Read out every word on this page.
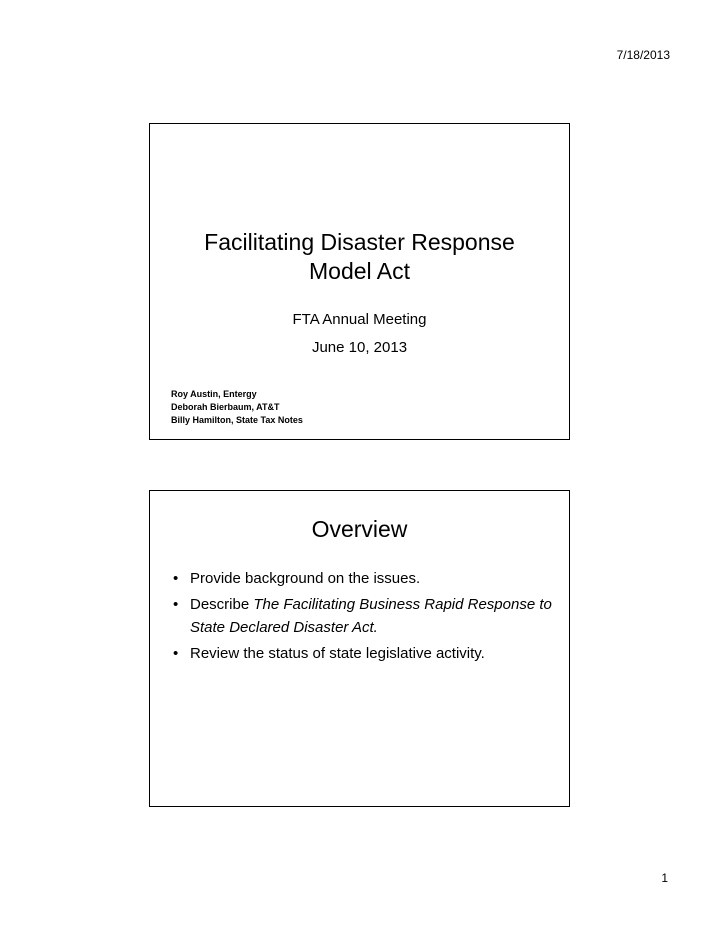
7/18/2013
Facilitating Disaster Response
Model Act
FTA Annual Meeting
June 10, 2013
Roy Austin, Entergy
Deborah Bierbaum, AT&T
Billy Hamilton, State Tax Notes
Overview
• Provide background on the issues.
• Describe The Facilitating Business Rapid Response to State Declared Disaster Act.
• Review the status of state legislative activity.
1
